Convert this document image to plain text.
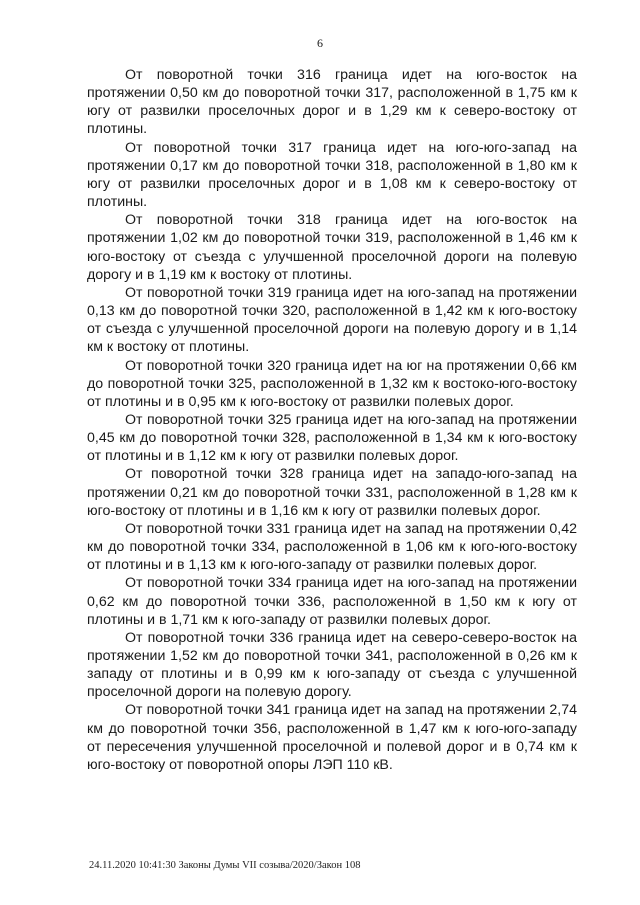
6

От поворотной точки 316 граница идет на юго-восток на протяжении 0,50 км до поворотной точки 317, расположенной в 1,75 км к югу от развилки проселочных дорог и в 1,29 км к северо-востоку от плотины.

От поворотной точки 317 граница идет на юго-юго-запад на протяжении 0,17 км до поворотной точки 318, расположенной в 1,80 км к югу от развилки проселочных дорог и в 1,08 км к северо-востоку от плотины.

От поворотной точки 318 граница идет на юго-восток на протяжении 1,02 км до поворотной точки 319, расположенной в 1,46 км к юго-востоку от съезда с улучшенной проселочной дороги на полевую дорогу и в 1,19 км к востоку от плотины.

От поворотной точки 319 граница идет на юго-запад на протяжении 0,13 км до поворотной точки 320, расположенной в 1,42 км к юго-востоку от съезда с улучшенной проселочной дороги на полевую дорогу и в 1,14 км к востоку от плотины.

От поворотной точки 320 граница идет на юг на протяжении 0,66 км до поворотной точки 325, расположенной в 1,32 км к востоко-юго-востоку от плотины и в 0,95 км к юго-востоку от развилки полевых дорог.

От поворотной точки 325 граница идет на юго-запад на протяжении 0,45 км до поворотной точки 328, расположенной в 1,34 км к юго-востоку от плотины и в 1,12 км к югу от развилки полевых дорог.

От поворотной точки 328 граница идет на западо-юго-запад на протяжении 0,21 км до поворотной точки 331, расположенной в 1,28 км к юго-востоку от плотины и в 1,16 км к югу от развилки полевых дорог.

От поворотной точки 331 граница идет на запад на протяжении 0,42 км до поворотной точки 334, расположенной в 1,06 км к юго-юго-востоку от плотины и в 1,13 км к юго-юго-западу от развилки полевых дорог.

От поворотной точки 334 граница идет на юго-запад на протяжении 0,62 км до поворотной точки 336, расположенной в 1,50 км к югу от плотины и в 1,71 км к юго-западу от развилки полевых дорог.

От поворотной точки 336 граница идет на северо-северо-восток на протяжении 1,52 км до поворотной точки 341, расположенной в 0,26 км к западу от плотины и в 0,99 км к юго-западу от съезда с улучшенной проселочной дороги на полевую дорогу.

От поворотной точки 341 граница идет на запад на протяжении 2,74 км до поворотной точки 356, расположенной в 1,47 км к юго-юго-западу от пересечения улучшенной проселочной и полевой дорог и в 0,74 км к юго-востоку от поворотной опоры ЛЭП 110 кВ.

24.11.2020 10:41:30 Законы Думы VII созыва/2020/Закон 108
